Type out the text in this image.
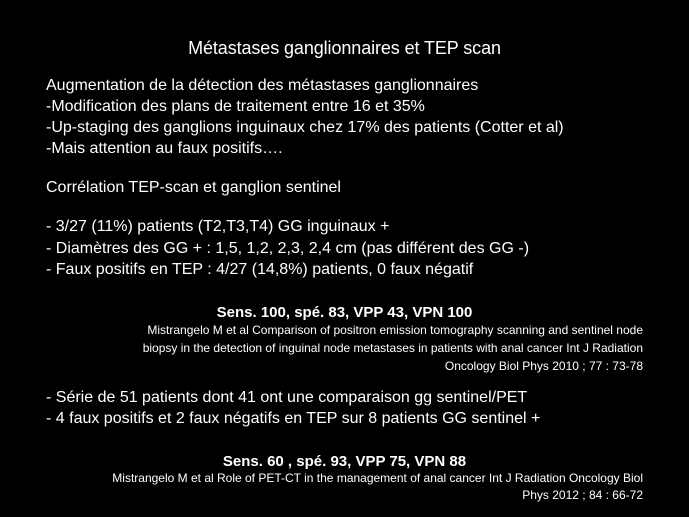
Métastases ganglionnaires et TEP scan
Augmentation de la détection des métastases ganglionnaires
-Modification des plans de traitement entre 16 et 35%
-Up-staging des ganglions inguinaux chez 17% des patients (Cotter et al)
-Mais attention au faux positifs….
Corrélation TEP-scan et ganglion sentinel
- 3/27 (11%) patients (T2,T3,T4) GG inguinaux +
- Diamètres des GG + : 1,5, 1,2, 2,3, 2,4 cm (pas différent des GG -)
- Faux positifs en TEP : 4/27 (14,8%) patients, 0 faux négatif
Sens. 100, spé. 83, VPP 43, VPN 100
Mistrangelo M et al Comparison of positron emission tomography scanning and sentinel node
biopsy in the detection of inguinal node metastases in patients with anal cancer Int J Radiation
Oncology Biol Phys 2010 ; 77 : 73-78
- Série de 51 patients dont 41 ont une comparaison gg sentinel/PET
- 4 faux positifs et 2 faux négatifs en TEP sur 8 patients GG sentinel +
Sens. 60 , spé. 93, VPP 75, VPN 88
Mistrangelo M et al Role of PET-CT in the management of anal cancer Int J Radiation Oncology Biol
Phys 2012 ; 84 : 66-72
